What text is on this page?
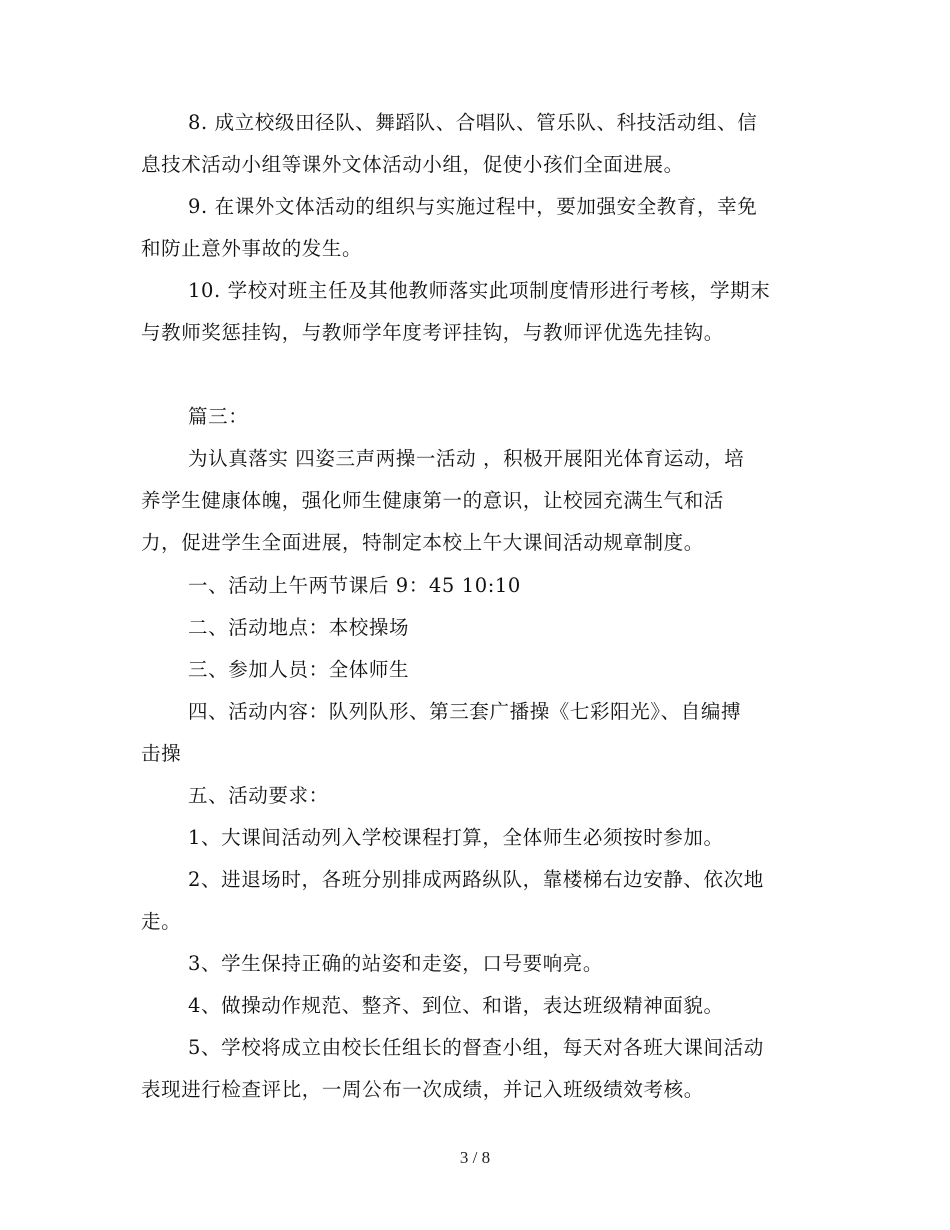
8. 成立校级田径队、舞蹈队、合唱队、管乐队、科技活动组、信
息技术活动小组等课外文体活动小组，促使小孩们全面进展。
9. 在课外文体活动的组织与实施过程中，要加强安全教育，幸免
和防止意外事故的发生。
10. 学校对班主任及其他教师落实此项制度情形进行考核，学期末
与教师奖惩挂钩，与教师学年度考评挂钩，与教师评优选先挂钩。
篇三：
为认真落实 四姿三声两操一活动 ，积极开展阳光体育运动，培
养学生健康体魄，强化师生健康第一的意识，让校园充满生气和活
力，促进学生全面进展，特制定本校上午大课间活动规章制度。
一、活动上午两节课后 9：45 10:10
二、活动地点：本校操场
三、参加人员：全体师生
四、活动内容：队列队形、第三套广播操《七彩阳光》、自编搏
击操
五、活动要求：
1、大课间活动列入学校课程打算，全体师生必须按时参加。
2、进退场时，各班分别排成两路纵队，靠楼梯右边安静、依次地
走。
3、学生保持正确的站姿和走姿，口号要响亮。
4、做操动作规范、整齐、到位、和谐，表达班级精神面貌。
5、学校将成立由校长任组长的督查小组，每天对各班大课间活动
表现进行检查评比，一周公布一次成绩，并记入班级绩效考核。
3 / 8
